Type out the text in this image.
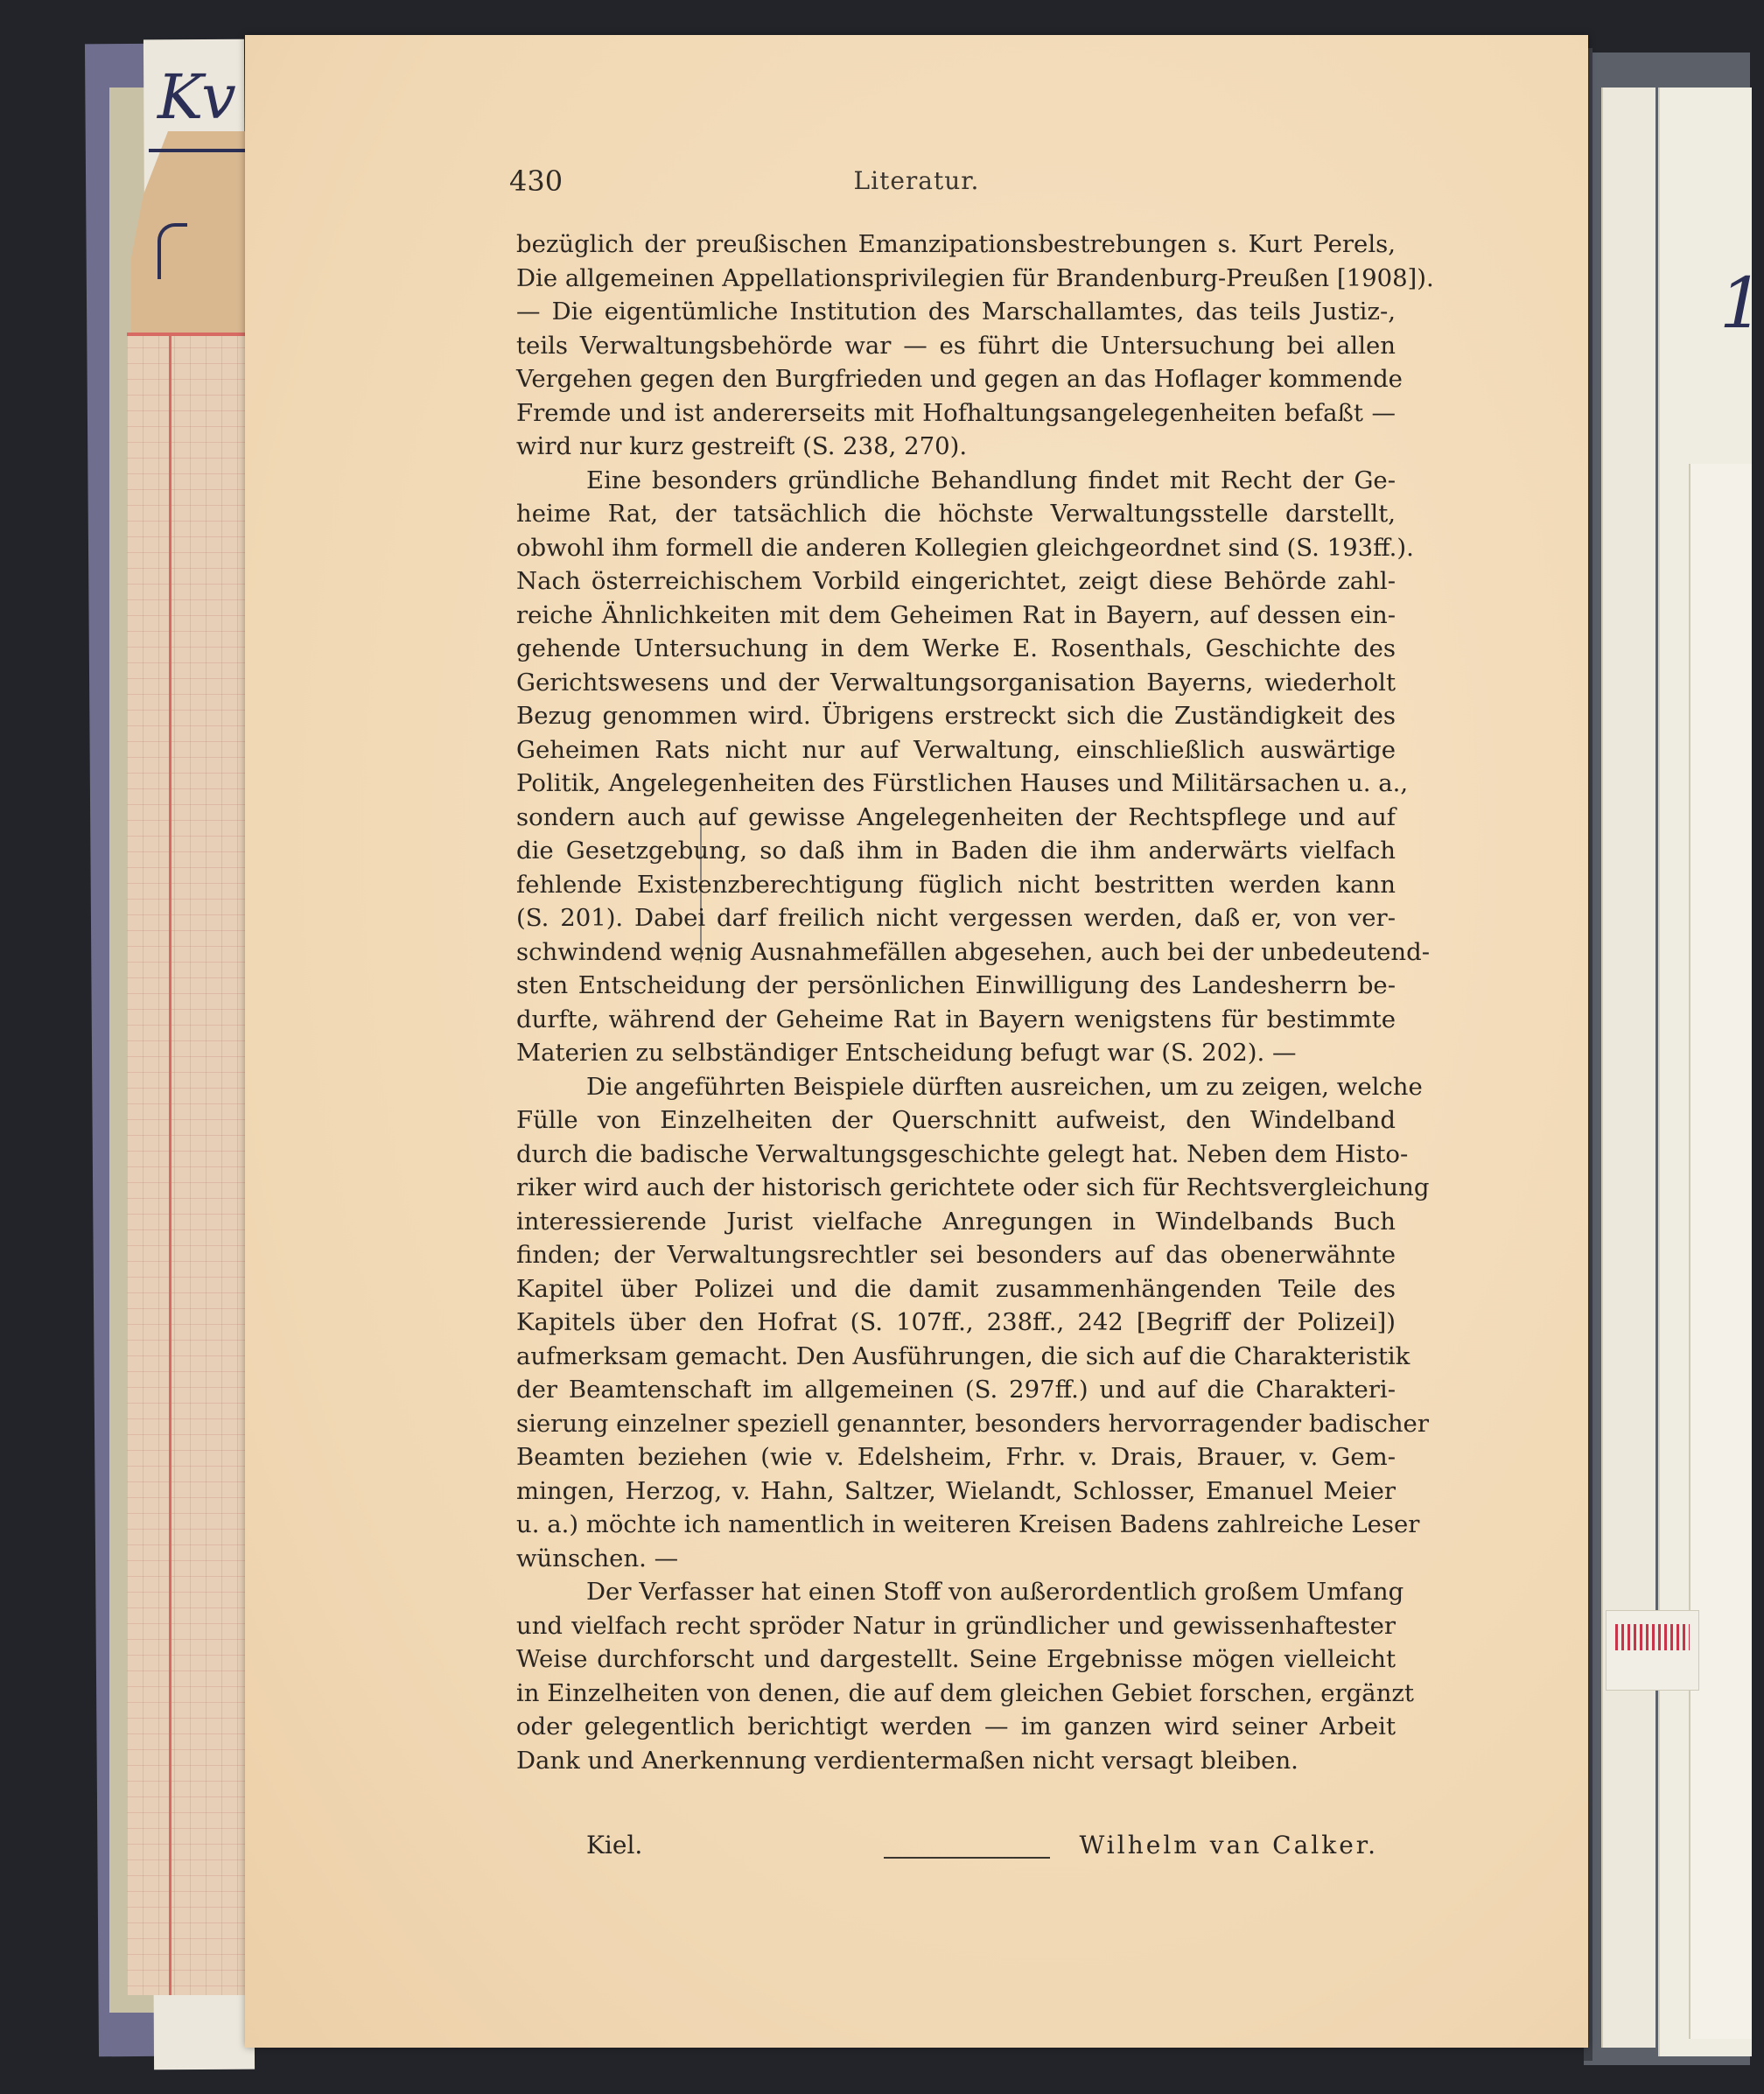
Kv
1
430	Literatur.
bezüglich der preußischen Emanzipationsbestrebungen s. Kurt Perels,
Die allgemeinen Appellationsprivilegien für Brandenburg-Preußen [1908]).
— Die eigentümliche Institution des Marschallamtes, das teils Justiz-,
teils Verwaltungsbehörde war — es führt die Untersuchung bei allen
Vergehen gegen den Burgfrieden und gegen an das Hoflager kommende
Fremde und ist andererseits mit Hofhaltungsangelegenheiten befaßt —
wird nur kurz gestreift (S. 238, 270).
Eine besonders gründliche Behandlung findet mit Recht der Ge-
heime Rat, der tatsächlich die höchste Verwaltungsstelle darstellt,
obwohl ihm formell die anderen Kollegien gleichgeordnet sind (S. 193ff.).
Nach österreichischem Vorbild eingerichtet, zeigt diese Behörde zahl-
reiche Ähnlichkeiten mit dem Geheimen Rat in Bayern, auf dessen ein-
gehende Untersuchung in dem Werke E. Rosenthals, Geschichte des
Gerichtswesens und der Verwaltungsorganisation Bayerns, wiederholt
Bezug genommen wird. Übrigens erstreckt sich die Zuständigkeit des
Geheimen Rats nicht nur auf Verwaltung, einschließlich auswärtige
Politik, Angelegenheiten des Fürstlichen Hauses und Militärsachen u. a.,
sondern auch auf gewisse Angelegenheiten der Rechtspflege und auf
die Gesetzgebung, so daß ihm in Baden die ihm anderwärts vielfach
fehlende Existenzberechtigung füglich nicht bestritten werden kann
(S. 201). Dabei darf freilich nicht vergessen werden, daß er, von ver-
schwindend wenig Ausnahmefällen abgesehen, auch bei der unbedeutend-
sten Entscheidung der persönlichen Einwilligung des Landesherrn be-
durfte, während der Geheime Rat in Bayern wenigstens für bestimmte
Materien zu selbständiger Entscheidung befugt war (S. 202). —
Die angeführten Beispiele dürften ausreichen, um zu zeigen, welche
Fülle von Einzelheiten der Querschnitt aufweist, den Windelband
durch die badische Verwaltungsgeschichte gelegt hat. Neben dem Histo-
riker wird auch der historisch gerichtete oder sich für Rechtsvergleichung
interessierende Jurist vielfache Anregungen in Windelbands Buch
finden; der Verwaltungsrechtler sei besonders auf das obenerwähnte
Kapitel über Polizei und die damit zusammenhängenden Teile des
Kapitels über den Hofrat (S. 107ff., 238ff., 242 [Begriff der Polizei])
aufmerksam gemacht. Den Ausführungen, die sich auf die Charakteristik
der Beamtenschaft im allgemeinen (S. 297ff.) und auf die Charakteri-
sierung einzelner speziell genannter, besonders hervorragender badischer
Beamten beziehen (wie v. Edelsheim, Frhr. v. Drais, Brauer, v. Gem-
mingen, Herzog, v. Hahn, Saltzer, Wielandt, Schlosser, Emanuel Meier
u. a.) möchte ich namentlich in weiteren Kreisen Badens zahlreiche Leser
wünschen. —
Der Verfasser hat einen Stoff von außerordentlich großem Umfang
und vielfach recht spröder Natur in gründlicher und gewissenhaftester
Weise durchforscht und dargestellt. Seine Ergebnisse mögen vielleicht
in Einzelheiten von denen, die auf dem gleichen Gebiet forschen, ergänzt
oder gelegentlich berichtigt werden — im ganzen wird seiner Arbeit
Dank und Anerkennung verdientermaßen nicht versagt bleiben.
Kiel.	Wilhelm van Calker.
